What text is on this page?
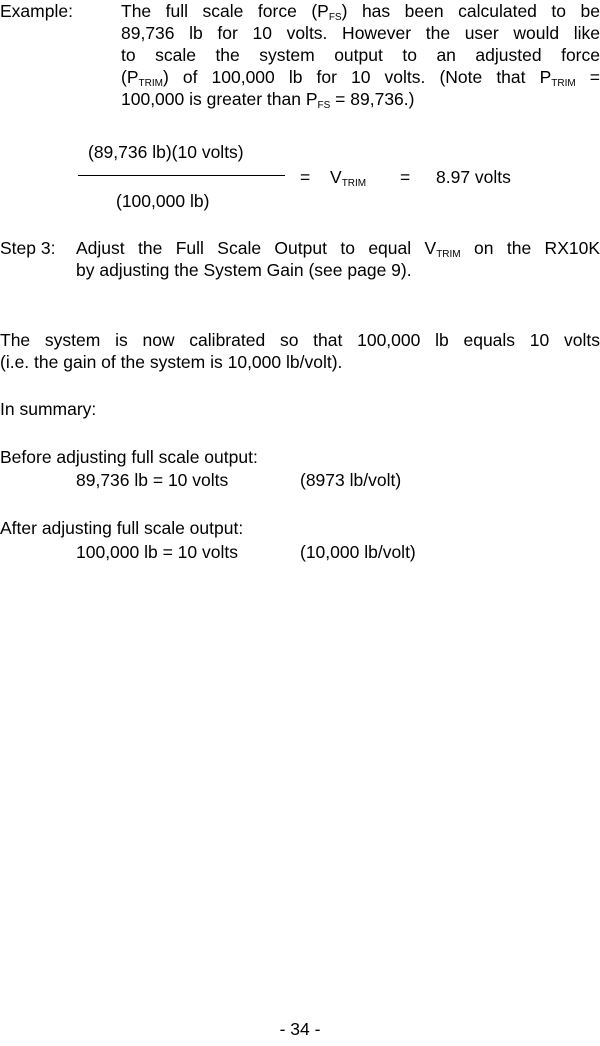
Example:	The full scale force $(P_{FS})$ has been calculated to be
89,736 lb for 10 volts. However the user would like
to scale the system output to an adjusted force
$(P_{TRIM})$ of 100,000 lb for 10 volts. (Note that $P_{TRIM}$ =
100,000 is greater than $P_{FS} = 89,736$.)
(89,736 lb)(10 volts)
(100,000 lb)
= $V_{TRIM} = 8.97$ volts
Step 3: Adjust the Full Scale Output to equal $V_{TRIM}$ on the RX10K
by adjusting the System Gain (see page 9).
The system is now calibrated so that 100,000 lb equals 10 volts
(i.e. the gain of the system is 10,000 lb/volt).
In summary:
Before adjusting full scale output:
89,736 lb = 10 volts	(8973 lb/volt)
After adjusting full scale output:
100,000 lb = 10 volts	(10,000 lb/volt)
- 34 -
